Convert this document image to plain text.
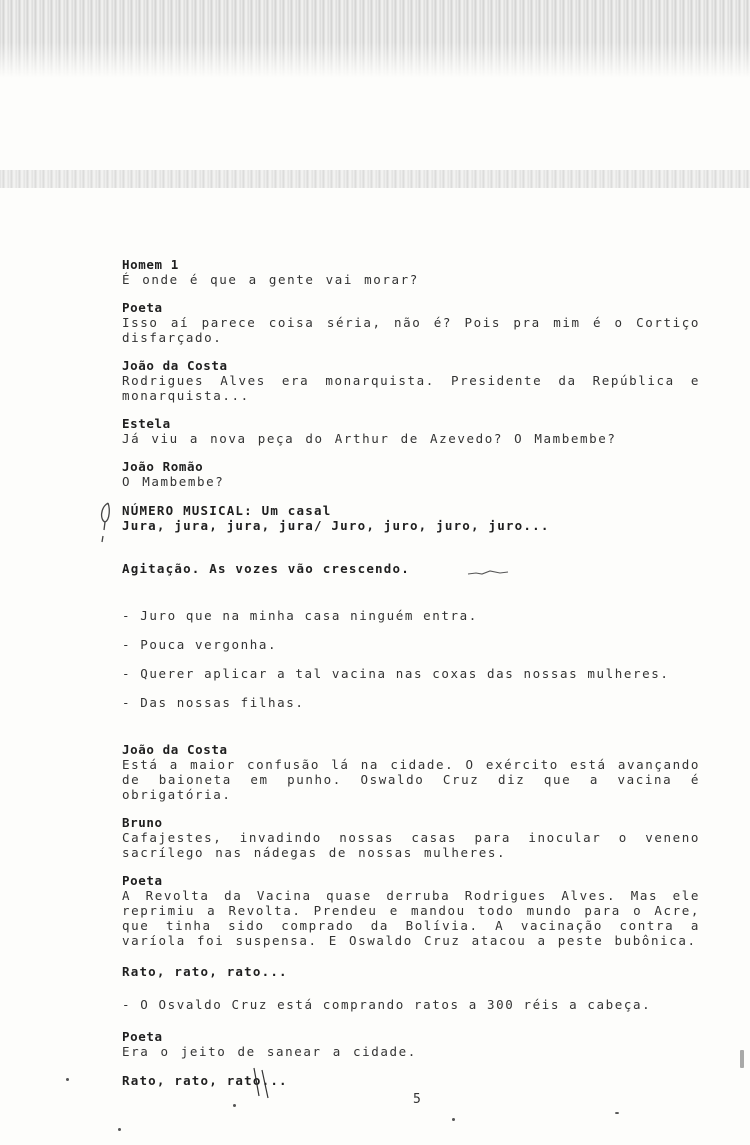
Homem 1
É onde é que a gente vai morar?
Poeta
Isso aí parece coisa séria, não é? Pois pra mim é o Cortiço disfarçado.
João da Costa
Rodrigues Alves era monarquista. Presidente da República e monarquista...
Estela
Já viu a nova peça do Arthur de Azevedo? O Mambembe?
João Romão
O Mambembe?
NÚMERO MUSICAL: Um casal
Jura, jura, jura, jura/ Juro, juro, juro, juro...
Agitação. As vozes vão crescendo.
- Juro que na minha casa ninguém entra.
- Pouca vergonha.
- Querer aplicar a tal vacina nas coxas das nossas mulheres.
- Das nossas filhas.
João da Costa
Está a maior confusão lá na cidade. O exército está avançando de baioneta em punho. Oswaldo Cruz diz que a vacina é obrigatória.
Bruno
Cafajestes, invadindo nossas casas para inocular o veneno sacrílego nas nádegas de nossas mulheres.
Poeta
A Revolta da Vacina quase derruba Rodrigues Alves. Mas ele reprimiu a Revolta. Prendeu e mandou todo mundo para o Acre, que tinha sido comprado da Bolívia. A vacinação contra a varíola foi suspensa. E Oswaldo Cruz atacou a peste bubônica.
Rato, rato, rato...
- O Osvaldo Cruz está comprando ratos a 300 réis a cabeça.
Poeta
Era o jeito de sanear a cidade.
Rato, rato, rato...
5
